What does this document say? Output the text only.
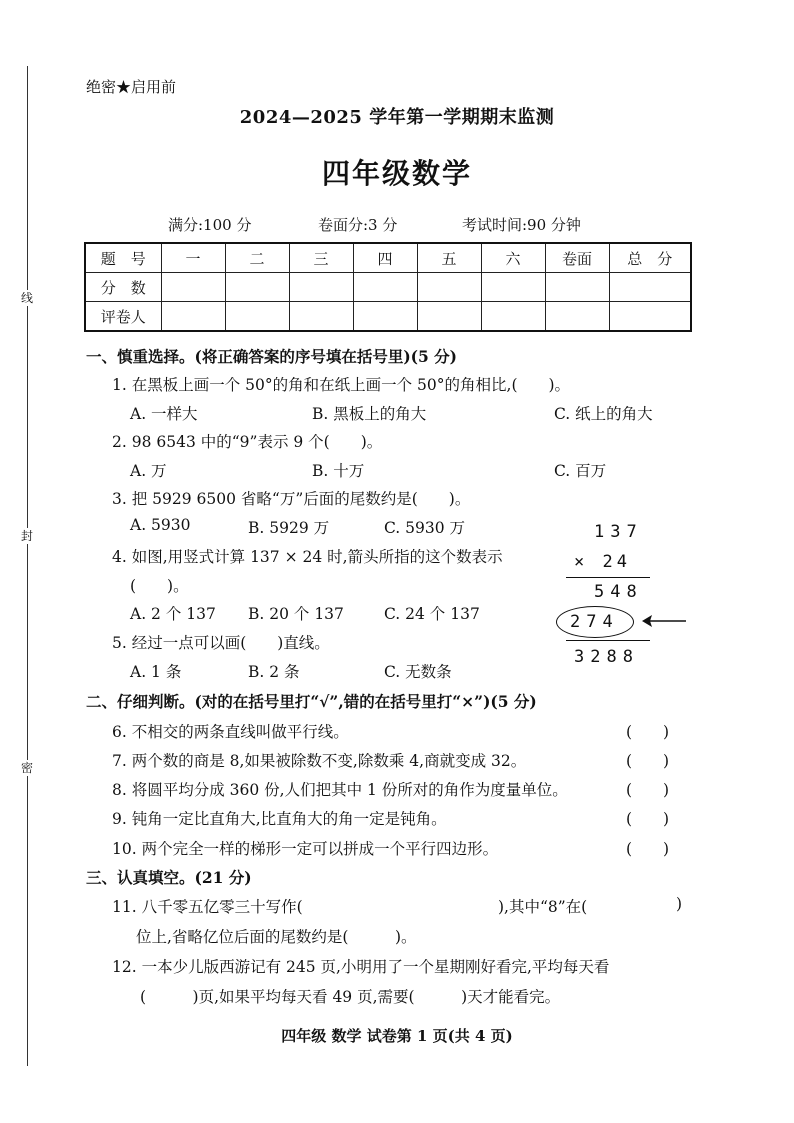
线
封
密
绝密★启用前
2024—2025 学年第一学期期末监测
四年级数学
满分:100 分	卷面分:3 分	考试时间:90 分钟
题　号	一	二	三	四	五	六	卷面	总　分
分　数								
评卷人								
一、慎重选择。(将正确答案的序号填在括号里)(5 分)
1. 在黑板上画一个 50°的角和在纸上画一个 50°的角相比,(　　)。
A. 一样大	B. 黑板上的角大	C. 纸上的角大
2. 98 6543 中的“9”表示 9 个(　　)。
A. 万	B. 十万	C. 百万
3. 把 5929 6500 省略“万”后面的尾数约是(　　)。
A. 5930	B. 5929 万	C. 5930 万
4. 如图,用竖式计算 137 × 24 时,箭头所指的这个数表示
(　　)。
A. 2 个 137 B. 20 个 137	C. 24 个 137
5. 经过一点可以画(　　)直线。
A. 1 条	B. 2 条	C. 无数条
137
× 24
548
274
3288
二、仔细判断。(对的在括号里打“√”,错的在括号里打“×”)(5 分)
6. 不相交的两条直线叫做平行线。	(　　)
7. 两个数的商是 8,如果被除数不变,除数乘 4,商就变成 32。	(　　)
8. 将圆平均分成 360 份,人们把其中 1 份所对的角作为度量单位。	(　　)
9. 钝角一定比直角大,比直角大的角一定是钝角。	(　　)
10. 两个完全一样的梯形一定可以拼成一个平行四边形。	(　　)
三、认真填空。(21 分)
11. 八千零五亿零三十写作(	),其中“8”在(	)
位上,省略亿位后面的尾数约是(　　　)。
12. 一本少儿版西游记有 245 页,小明用了一个星期刚好看完,平均每天看
(　　　)页,如果平均每天看 49 页,需要(　　　)天才能看完。
四年级 数学 试卷第 1 页(共 4 页)
